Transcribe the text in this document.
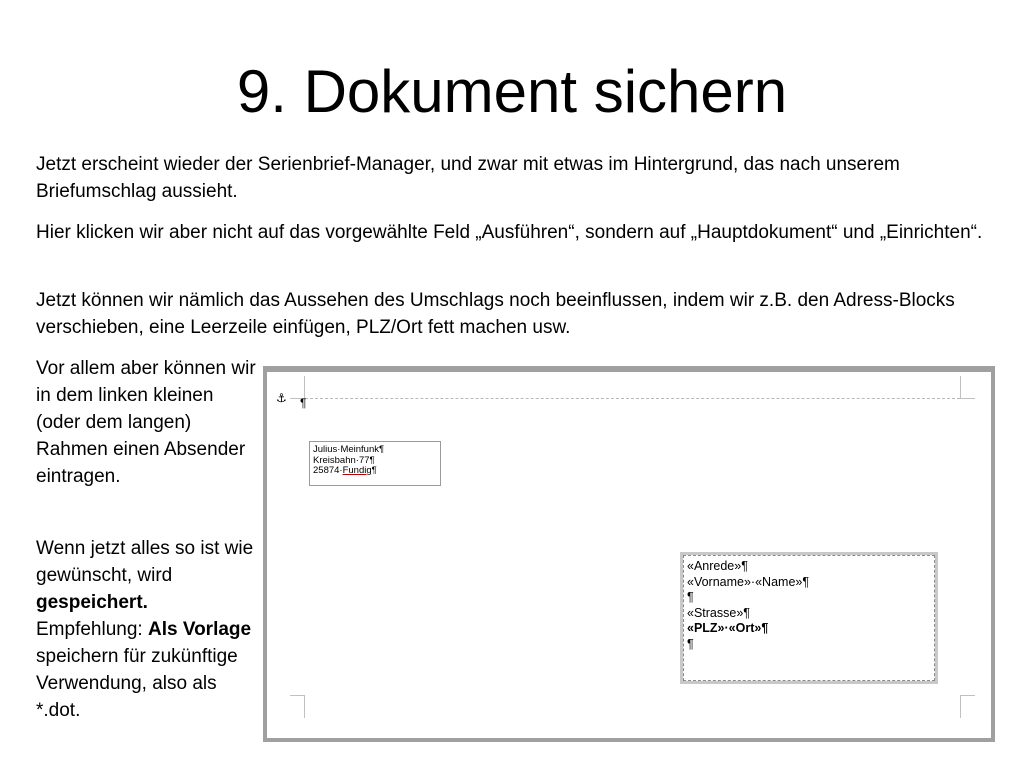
9. Dokument sichern

Jetzt erscheint wieder der Serienbrief-Manager, und zwar mit etwas im Hintergrund, das nach unserem Briefumschlag aussieht.

Hier klicken wir aber nicht auf das vorgewählte Feld „Ausführen“, sondern auf „Hauptdokument“ und „Einrichten“.

Jetzt können wir nämlich das Aussehen des Umschlags noch beeinflussen, indem wir z.B. den Adress-Blocks verschieben, eine Leerzeile einfügen, PLZ/Ort fett machen usw.

Vor allem aber können wir in dem linken kleinen (oder dem langen) Rahmen einen Absender eintragen.

Wenn jetzt alles so ist wie gewünscht, wird gespeichert. Empfehlung: Als Vorlage speichern für zukünftige Verwendung, also als *.dot.

⚓ ¶
Julius·Meinfunk¶
Kreisbahn·77¶
25874·Fundig¶
«Anrede»¶
«Vorname»·«Name»¶
¶
«Strasse»¶
«PLZ»·«Ort»¶
¶
